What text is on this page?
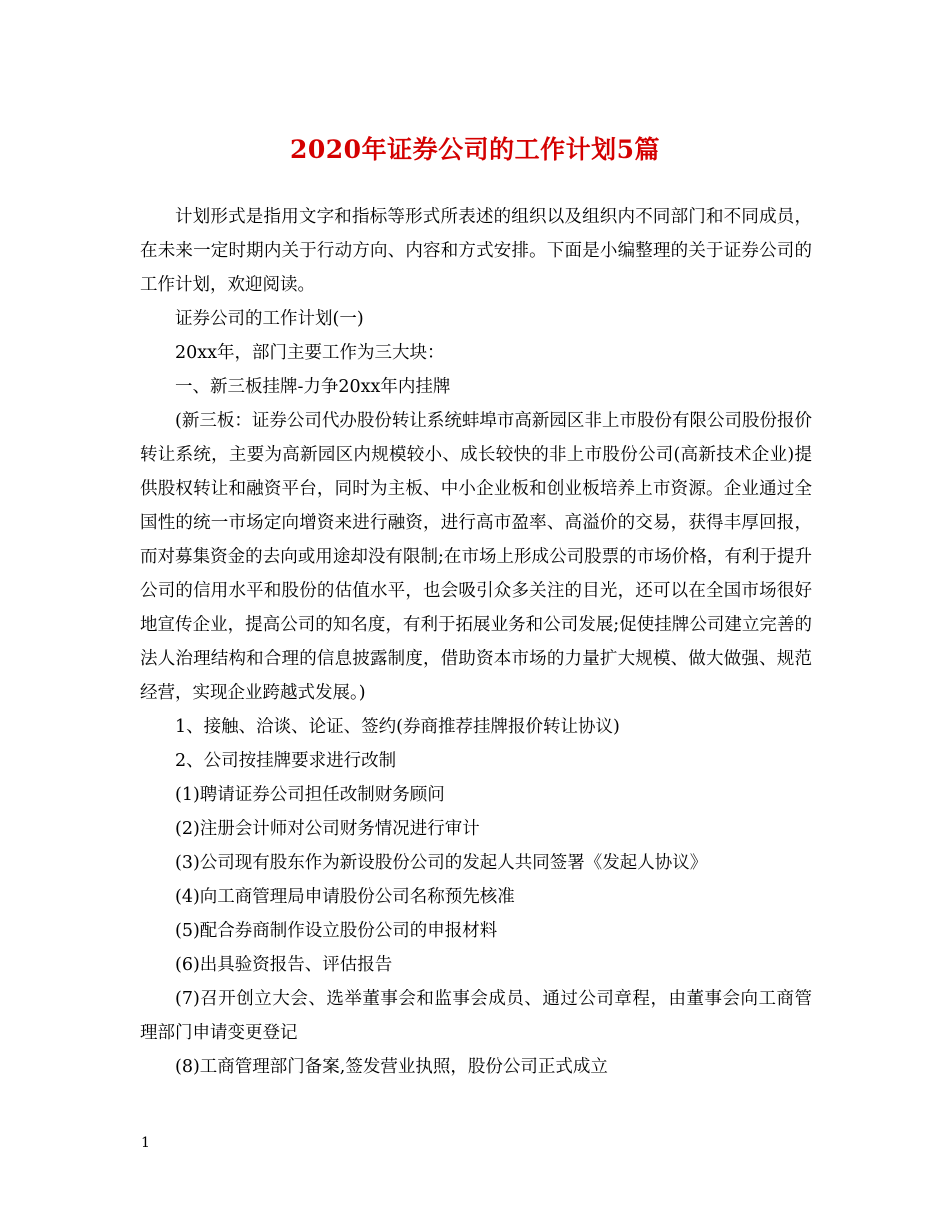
2020年证券公司的工作计划5篇

计划形式是指用文字和指标等形式所表述的组织以及组织内不同部门和不同成员，在未来一定时期内关于行动方向、内容和方式安排。下面是小编整理的关于证券公司的工作计划，欢迎阅读。

证券公司的工作计划(一)

20xx年，部门主要工作为三大块：

一、新三板挂牌-力争20xx年内挂牌

(新三板：证券公司代办股份转让系统蚌埠市高新园区非上市股份有限公司股份报价转让系统，主要为高新园区内规模较小、成长较快的非上市股份公司(高新技术企业)提供股权转让和融资平台，同时为主板、中小企业板和创业板培养上市资源。企业通过全国性的统一市场定向增资来进行融资，进行高市盈率、高溢价的交易，获得丰厚回报，而对募集资金的去向或用途却没有限制;在市场上形成公司股票的市场价格，有利于提升公司的信用水平和股份的估值水平，也会吸引众多关注的目光，还可以在全国市场很好地宣传企业，提高公司的知名度，有利于拓展业务和公司发展;促使挂牌公司建立完善的法人治理结构和合理的信息披露制度，借助资本市场的力量扩大规模、做大做强、规范经营，实现企业跨越式发展。)

1、接触、洽谈、论证、签约(券商推荐挂牌报价转让协议)

2、公司按挂牌要求进行改制

(1)聘请证券公司担任改制财务顾问

(2)注册会计师对公司财务情况进行审计

(3)公司现有股东作为新设股份公司的发起人共同签署《发起人协议》

(4)向工商管理局申请股份公司名称预先核准

(5)配合券商制作设立股份公司的申报材料

(6)出具验资报告、评估报告

(7)召开创立大会、选举董事会和监事会成员、通过公司章程，由董事会向工商管理部门申请变更登记

(8)工商管理部门备案,签发营业执照，股份公司正式成立

1
